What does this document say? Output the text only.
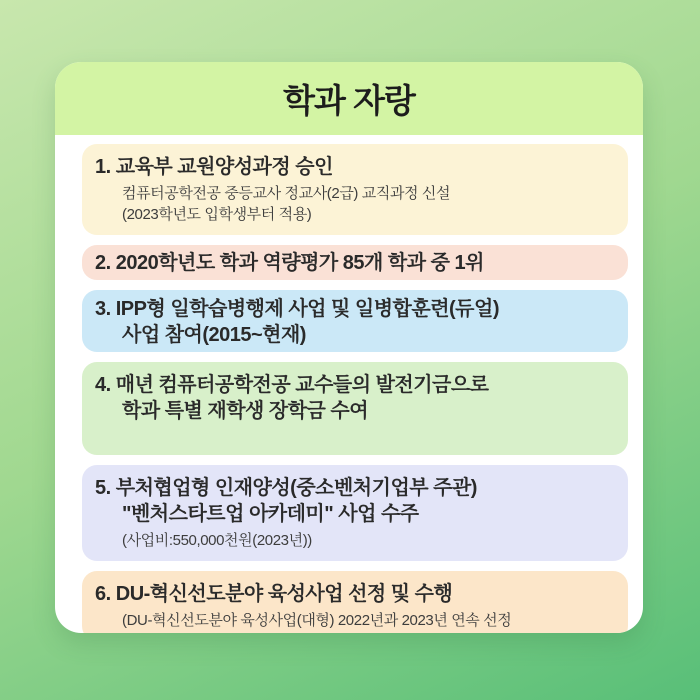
학과 자랑
1. 교육부 교원양성과정 승인
컴퓨터공학전공 중등교사 정교사(2급) 교직과정 신설
(2023학년도 입학생부터 적용)
2. 2020학년도 학과 역량평가 85개 학과 중 1위
3. IPP형 일학습병행제 사업 및 일병합훈련(듀얼)
사업 참여(2015~현재)
4. 매년 컴퓨터공학전공 교수들의 발전기금으로
학과 특별 재학생 장학금 수여
5. 부처협업형 인재양성(중소벤처기업부 주관)
"벤처스타트업 아카데미" 사업 수주
(사업비:550,000천원(2023년))
6. DU-혁신선도분야 육성사업 선정 및 수행
(DU-혁신선도분야 육성사업(대형) 2022년과 2023년 연속 선정
